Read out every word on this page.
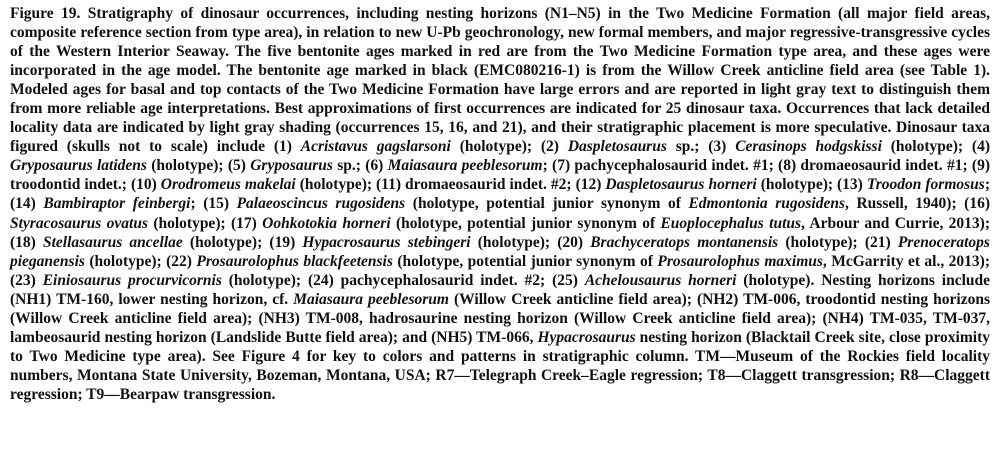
Figure 19. Stratigraphy of dinosaur occurrences, including nesting horizons (N1–N5) in the Two Medicine Formation (all major field areas, composite reference section from type area), in relation to new U-Pb geochronology, new formal members, and major regressive-transgressive cycles of the Western Interior Seaway. The five bentonite ages marked in red are from the Two Medicine Formation type area, and these ages were incorporated in the age model. The bentonite age marked in black (EMC080216-1) is from the Willow Creek anticline field area (see Table 1). Modeled ages for basal and top contacts of the Two Medicine Formation have large errors and are reported in light gray text to distinguish them from more reliable age interpretations. Best approximations of first occurrences are indicated for 25 dinosaur taxa. Occurrences that lack detailed locality data are indicated by light gray shading (occurrences 15, 16, and 21), and their stratigraphic placement is more speculative. Dinosaur taxa figured (skulls not to scale) include (1) Acristavus gagslarsoni (holotype); (2) Daspletosaurus sp.; (3) Cerasinops hodgskissi (holotype); (4) Gryposaurus latidens (holotype); (5) Gryposaurus sp.; (6) Maiasaura peeblesorum; (7) pachycephalosaurid indet. #1; (8) dromaeosaurid indet. #1; (9) troodontid indet.; (10) Orodromeus makelai (holotype); (11) dromaeosaurid indet. #2; (12) Daspletosaurus horneri (holotype); (13) Troodon formosus; (14) Bambiraptor feinbergi; (15) Palaeoscincus rugosidens (holotype, potential junior synonym of Edmontonia rugosidens, Russell, 1940); (16) Styracosaurus ovatus (holotype); (17) Oohkotokia horneri (holotype, potential junior synonym of Euoplocephalus tutus, Arbour and Currie, 2013); (18) Stellasaurus ancellae (holotype); (19) Hypacrosaurus stebingeri (holotype); (20) Brachyceratops montanensis (holotype); (21) Prenoceratops pieganensis (holotype); (22) Prosaurolophus blackfeetensis (holotype, potential junior synonym of Prosaurolophus maximus, McGarrity et al., 2013); (23) Einiosaurus procurvicornis (holotype); (24) pachycephalosaurid indet. #2; (25) Achelousaurus horneri (holotype). Nesting horizons include (NH1) TM-160, lower nesting horizon, cf. Maiasaura peeblesorum (Willow Creek anticline field area); (NH2) TM-006, troodontid nesting horizons (Willow Creek anticline field area); (NH3) TM-008, hadrosaurine nesting horizon (Willow Creek anticline field area); (NH4) TM-035, TM-037, lambeosaurid nesting horizon (Landslide Butte field area); and (NH5) TM-066, Hypacrosaurus nesting horizon (Blacktail Creek site, close proximity to Two Medicine type area). See Figure 4 for key to colors and patterns in stratigraphic column. TM—Museum of the Rockies field locality numbers, Montana State University, Bozeman, Montana, USA; R7—Telegraph Creek–Eagle regression; T8—Claggett transgression; R8—Claggett regression; T9—Bearpaw transgression.
